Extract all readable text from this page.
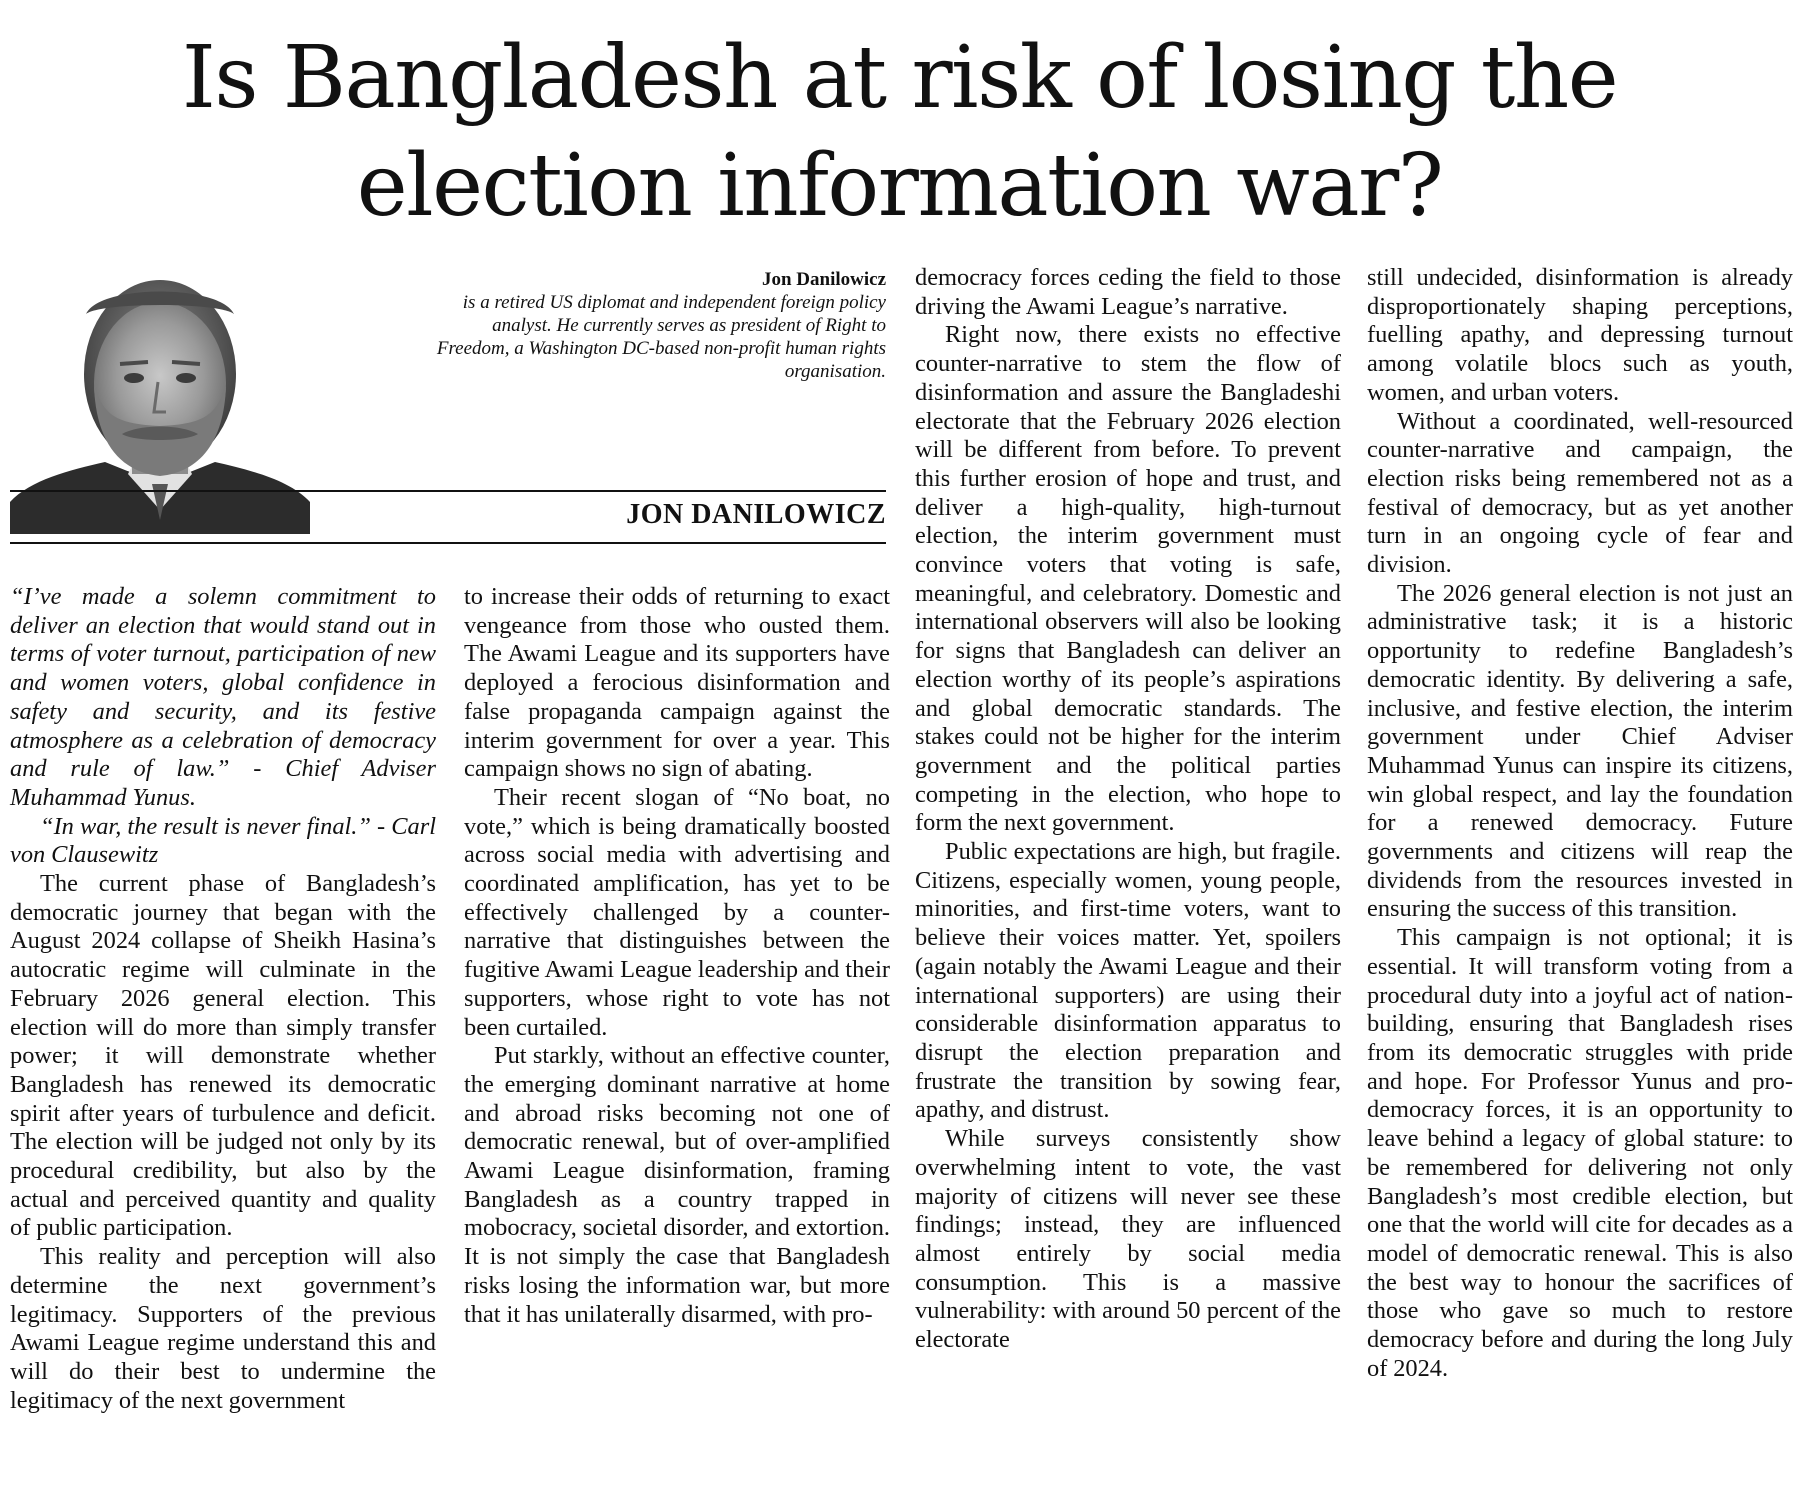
Is Bangladesh at risk of losing the
election information war?
Jon Danilowicz
is a retired US diplomat and independent foreign policy analyst. He currently serves as president of Right to Freedom, a Washington DC-based non-profit human rights organisation.
JON DANILOWICZ

“I’ve made a solemn commitment to deliver an election that would stand out in terms of voter turnout, participation of new and women voters, global confidence in safety and security, and its festive atmosphere as a celebration of democracy and rule of law.” - Chief Adviser Muhammad Yunus.

“In war, the result is never final.” - Carl von Clausewitz

The current phase of Bangladesh’s democratic journey that began with the August 2024 collapse of Sheikh Hasina’s autocratic regime will culminate in the February 2026 general election. This election will do more than simply transfer power; it will demonstrate whether Bangladesh has renewed its democratic spirit after years of turbulence and deficit. The election will be judged not only by its procedural credibility, but also by the actual and perceived quantity and quality of public participation.

This reality and perception will also determine the next government’s legitimacy. Supporters of the previous Awami League regime understand this and will do their best to undermine the legitimacy of the next government

to increase their odds of returning to exact vengeance from those who ousted them. The Awami League and its supporters have deployed a ferocious disinformation and false propaganda campaign against the interim government for over a year. This campaign shows no sign of abating.

Their recent slogan of “No boat, no vote,” which is being dramatically boosted across social media with advertising and coordinated amplification, has yet to be effectively challenged by a counter-narrative that distinguishes between the fugitive Awami League leadership and their supporters, whose right to vote has not been curtailed.

Put starkly, without an effective counter, the emerging dominant narrative at home and abroad risks becoming not one of democratic renewal, but of over-amplified Awami League disinformation, framing Bangladesh as a country trapped in mobocracy, societal disorder, and extortion. It is not simply the case that Bangladesh risks losing the information war, but more that it has unilaterally disarmed, with pro-

democracy forces ceding the field to those driving the Awami League’s narrative.

Right now, there exists no effective counter-narrative to stem the flow of disinformation and assure the Bangladeshi electorate that the February 2026 election will be different from before. To prevent this further erosion of hope and trust, and deliver a high-quality, high-turnout election, the interim government must convince voters that voting is safe, meaningful, and celebratory. Domestic and international observers will also be looking for signs that Bangladesh can deliver an election worthy of its people’s aspirations and global democratic standards. The stakes could not be higher for the interim government and the political parties competing in the election, who hope to form the next government.

Public expectations are high, but fragile. Citizens, especially women, young people, minorities, and first-time voters, want to believe their voices matter. Yet, spoilers (again notably the Awami League and their international supporters) are using their considerable disinformation apparatus to disrupt the election preparation and frustrate the transition by sowing fear, apathy, and distrust.

While surveys consistently show overwhelming intent to vote, the vast majority of citizens will never see these findings; instead, they are influenced almost entirely by social media consumption. This is a massive vulnerability: with around 50 percent of the electorate

still undecided, disinformation is already disproportionately shaping perceptions, fuelling apathy, and depressing turnout among volatile blocs such as youth, women, and urban voters.

Without a coordinated, well-resourced counter-narrative and campaign, the election risks being remembered not as a festival of democracy, but as yet another turn in an ongoing cycle of fear and division.

The 2026 general election is not just an administrative task; it is a historic opportunity to redefine Bangladesh’s democratic identity. By delivering a safe, inclusive, and festive election, the interim government under Chief Adviser Muhammad Yunus can inspire its citizens, win global respect, and lay the foundation for a renewed democracy. Future governments and citizens will reap the dividends from the resources invested in ensuring the success of this transition.

This campaign is not optional; it is essential. It will transform voting from a procedural duty into a joyful act of nation-building, ensuring that Bangladesh rises from its democratic struggles with pride and hope. For Professor Yunus and pro-democracy forces, it is an opportunity to leave behind a legacy of global stature: to be remembered for delivering not only Bangladesh’s most credible election, but one that the world will cite for decades as a model of democratic renewal. This is also the best way to honour the sacrifices of those who gave so much to restore democracy before and during the long July of 2024.
